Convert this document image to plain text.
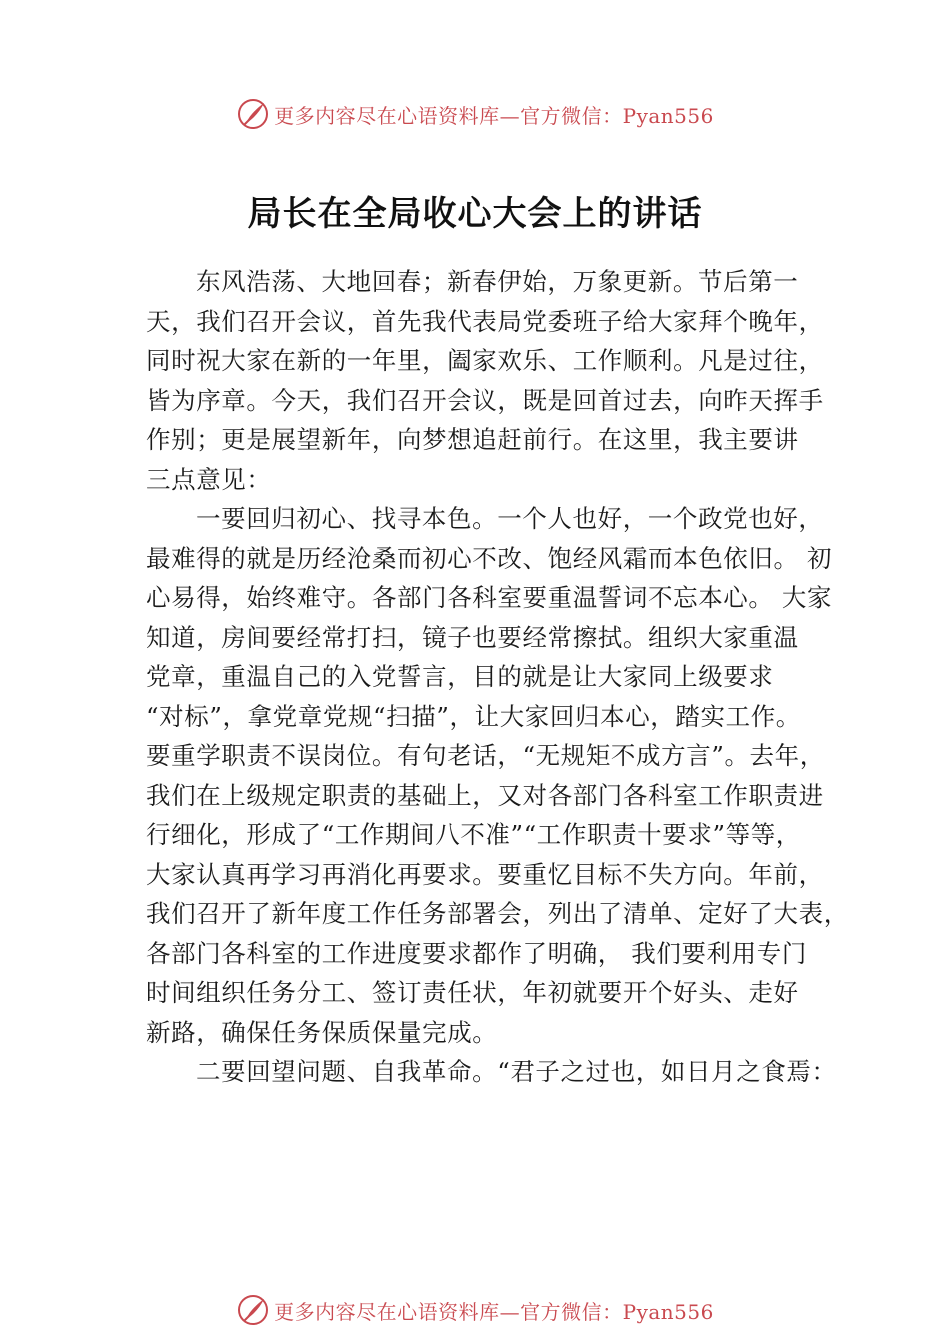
更多内容尽在心语资料库—官方微信：Pyan556
局长在全局收心大会上的讲话
东风浩荡、大地回春；新春伊始，万象更新。节后第一
天，我们召开会议，首先我代表局党委班子给大家拜个晚年，
同时祝大家在新的一年里，阖家欢乐、工作顺利。凡是过往，
皆为序章。今天，我们召开会议，既是回首过去，向昨天挥手
作别；更是展望新年，向梦想追赶前行。在这里，我主要讲
三点意见：
一要回归初心、找寻本色。一个人也好，一个政党也好，
最难得的就是历经沧桑而初心不改、饱经风霜而本色依旧。 初
心易得，始终难守。各部门各科室要重温誓词不忘本心。 大家
知道，房间要经常打扫，镜子也要经常擦拭。组织大家重温
党章，重温自己的入党誓言，目的就是让大家同上级要求
“对标”，拿党章党规“扫描”，让大家回归本心，踏实工作。
要重学职责不误岗位。有句老话，“无规矩不成方言”。去年，
我们在上级规定职责的基础上，又对各部门各科室工作职责进
行细化，形成了“工作期间八不准”“工作职责十要求”等等，
大家认真再学习再消化再要求。要重忆目标不失方向。年前，
我们召开了新年度工作任务部署会，列出了清单、定好了大表，
各部门各科室的工作进度要求都作了明确， 我们要利用专门
时间组织任务分工、签订责任状，年初就要开个好头、走好
新路，确保任务保质保量完成。
二要回望问题、自我革命。“君子之过也，如日月之食焉：
更多内容尽在心语资料库—官方微信：Pyan556
